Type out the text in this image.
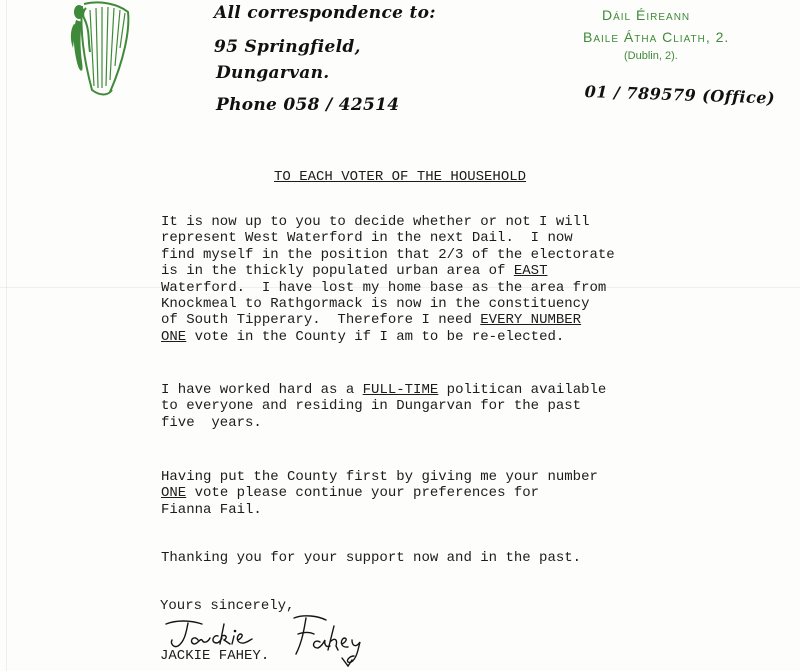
All correspondence to:
95 Springfield,
Dungarvan.
Phone 058 / 42514
Dáil Éireann
Baile Átha Cliath, 2.
(Dublin, 2).
01 / 789579 (Office)
TO EACH VOTER OF THE HOUSEHOLD
It is now up to you to decide whether or not I will
represent West Waterford in the next Dail.  I now
find myself in the position that 2/3 of the electorate
is in the thickly populated urban area of EAST
Waterford.  I have lost my home base as the area from
Knockmeal to Rathgormack is now in the constituency
of South Tipperary.  Therefore I need EVERY NUMBER
ONE vote in the County if I am to be re-elected.
I have worked hard as a FULL-TIME politican available
to everyone and residing in Dungarvan for the past
five  years.
Having put the County first by giving me your number
ONE vote please continue your preferences for
Fianna Fail.
Thanking you for your support now and in the past.
Yours sincerely,
JACKIE FAHEY.
